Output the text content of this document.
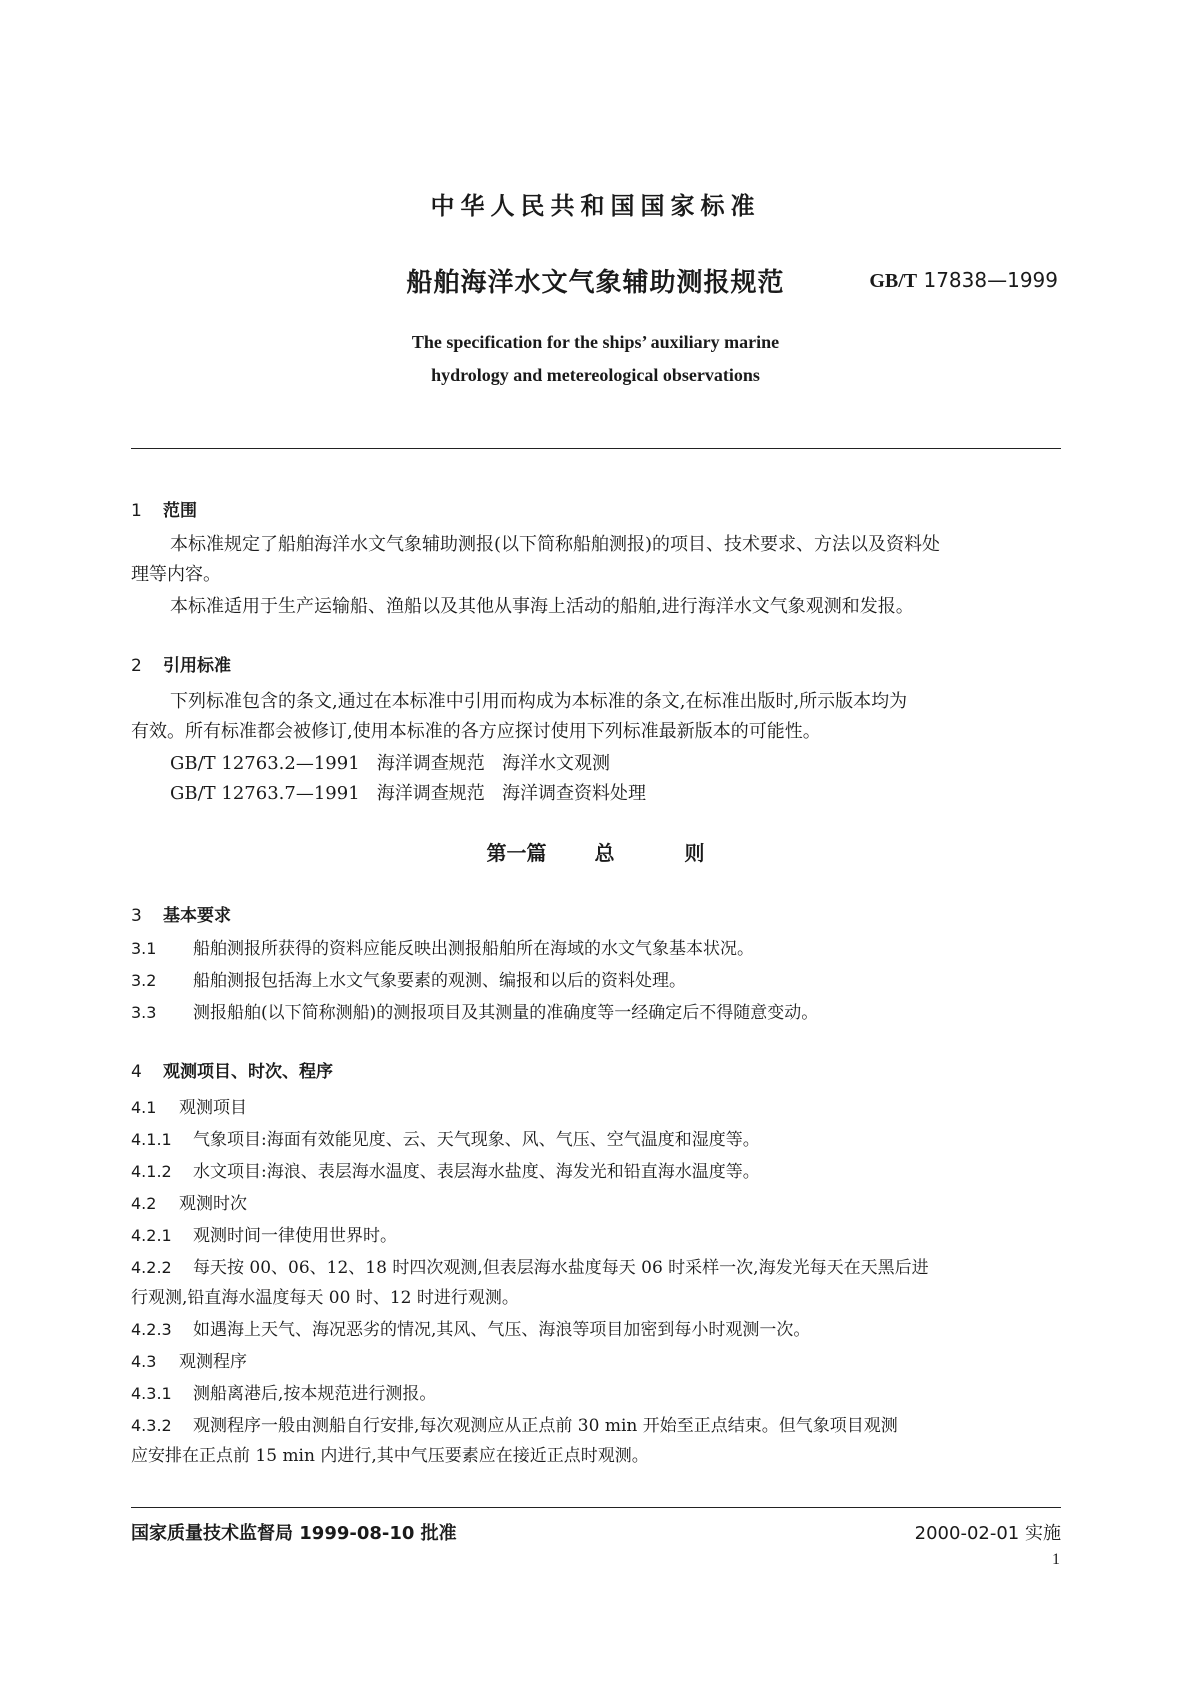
中华人民共和国国家标准
船舶海洋水文气象辅助测报规范	GB/T 17838—1999
The specification for the ships’ auxiliary marine
hydrology and metereological observations
1 范围
本标准规定了船舶海洋水文气象辅助测报(以下简称船舶测报)的项目、技术要求、方法以及资料处
理等内容。
本标准适用于生产运输船、渔船以及其他从事海上活动的船舶,进行海洋水文气象观测和发报。
2 引用标准
下列标准包含的条文,通过在本标准中引用而构成为本标准的条文,在标准出版时,所示版本均为
有效。所有标准都会被修订,使用本标准的各方应探讨使用下列标准最新版本的可能性。
GB/T 12763.2—1991   海洋调查规范   海洋水文观测
GB/T 12763.7—1991   海洋调查规范   海洋调查资料处理
第一篇 总	则
3 基本要求
3.1 船舶测报所获得的资料应能反映出测报船舶所在海域的水文气象基本状况。
3.2 船舶测报包括海上水文气象要素的观测、编报和以后的资料处理。
3.3 测报船舶(以下简称测船)的测报项目及其测量的准确度等一经确定后不得随意变动。
4 观测项目、时次、程序
4.1 观测项目
4.1.1 气象项目:海面有效能见度、云、天气现象、风、气压、空气温度和湿度等。
4.1.2 水文项目:海浪、表层海水温度、表层海水盐度、海发光和铅直海水温度等。
4.2 观测时次
4.2.1 观测时间一律使用世界时。
4.2.2 每天按 00、06、12、18 时四次观测,但表层海水盐度每天 06 时采样一次,海发光每天在天黑后进
行观测,铅直海水温度每天 00 时、12 时进行观测。
4.2.3 如遇海上天气、海况恶劣的情况,其风、气压、海浪等项目加密到每小时观测一次。
4.3 观测程序
4.3.1 测船离港后,按本规范进行测报。
4.3.2 观测程序一般由测船自行安排,每次观测应从正点前 30 min 开始至正点结束。但气象项目观测
应安排在正点前 15 min 内进行,其中气压要素应在接近正点时观测。
国家质量技术监督局 1999-08-10 批准	2000-02-01 实施
1
